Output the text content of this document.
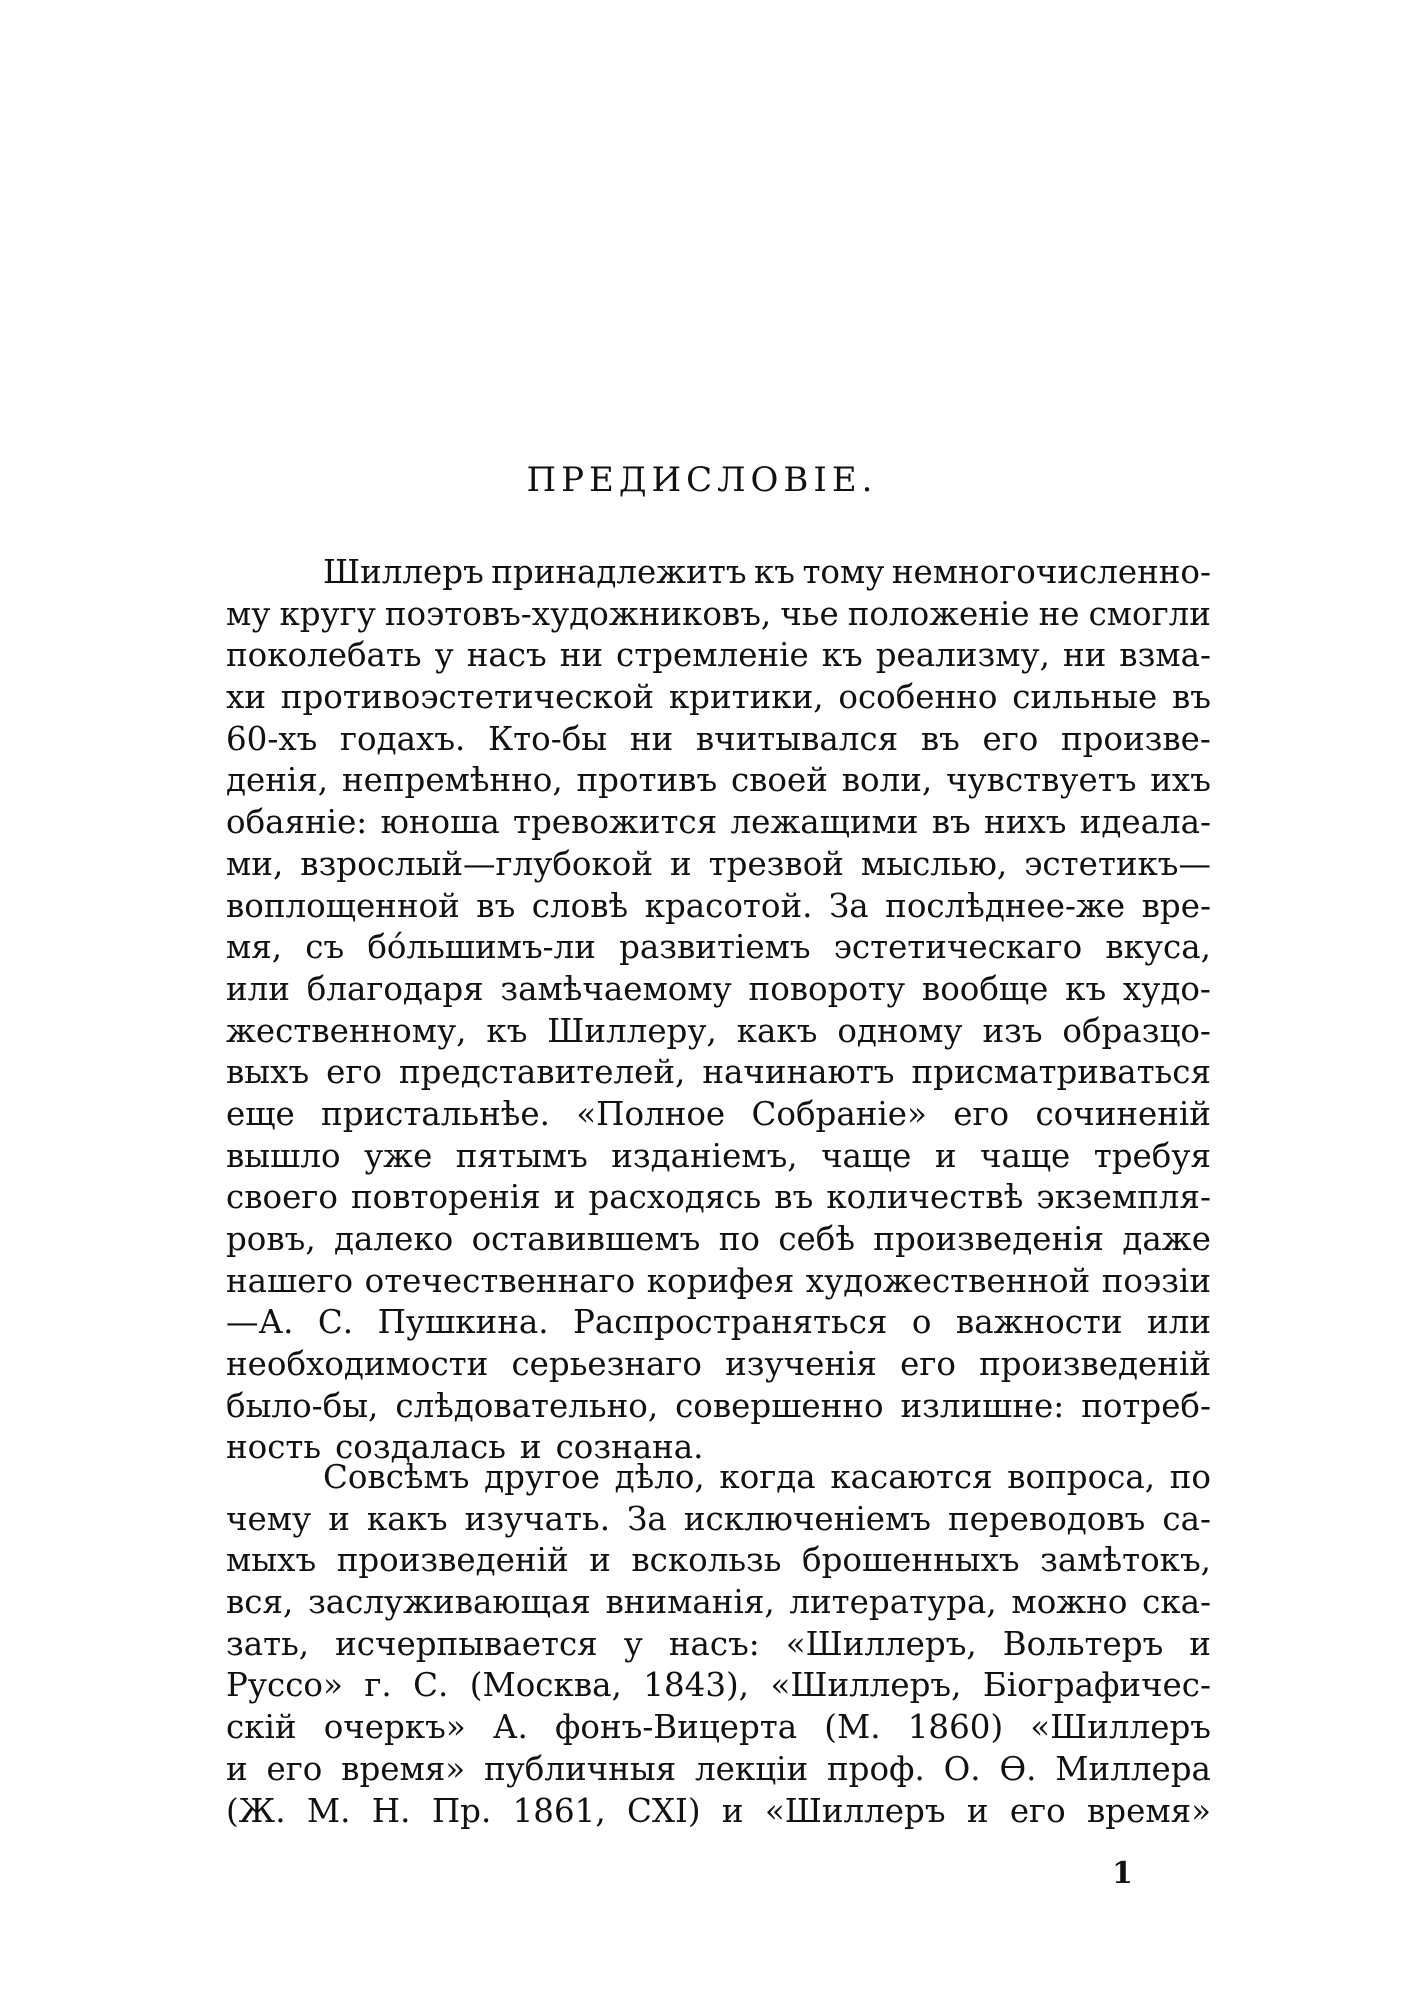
ПРЕДИСЛОВІЕ.
Шиллеръ принадлежитъ къ тому немногочисленно-
му кругу поэтовъ-художниковъ, чье положеніе не смогли
поколебать у насъ ни стремленіе къ реализму, ни взма-
хи противоэстетической критики, особенно сильные въ
60-хъ годахъ. Кто-бы ни вчитывался въ его произве-
денія, непремѣнно, противъ своей воли, чувствуетъ ихъ
обаяніе: юноша тревожится лежащими въ нихъ идеала-
ми, взрослый—глубокой и трезвой мыслью, эстетикъ—
воплощенной въ словѣ красотой. За послѣднее-же вре-
мя, съ бóльшимъ-ли развитіемъ эстетическаго вкуса,
или благодаря замѣчаемому повороту вообще къ худо-
жественному, къ Шиллеру, какъ одному изъ образцо-
выхъ его представителей, начинаютъ присматриваться
еще пристальнѣе. «Полное Собраніе» его сочиненій
вышло уже пятымъ изданіемъ, чаще и чаще требуя
своего повторенія и расходясь въ количествѣ экземпля-
ровъ, далеко оставившемъ по себѣ произведенія даже
нашего отечественнаго корифея художественной поэзіи
—А. С. Пушкина. Распространяться о важности или
необходимости серьезнаго изученія его произведеній
было-бы, слѣдовательно, совершенно излишне: потреб-
ность создалась и сознана.
Совсѣмъ другое дѣло, когда касаются вопроса, по
чему и какъ изучать. За исключеніемъ переводовъ са-
мыхъ произведеній и вскользь брошенныхъ замѣтокъ,
вся, заслуживающая вниманія, литература, можно ска-
зать, исчерпывается у насъ: «Шиллеръ, Вольтеръ и
Руссо» г. С. (Москва, 1843), «Шиллеръ, Біографичес-
скій очеркъ» А. фонъ-Вицерта (М. 1860) «Шиллеръ
и его время» публичныя лекціи проф. О. Ѳ. Миллера
(Ж. М. Н. Пр. 1861, CXI) и «Шиллеръ и его время»
1
